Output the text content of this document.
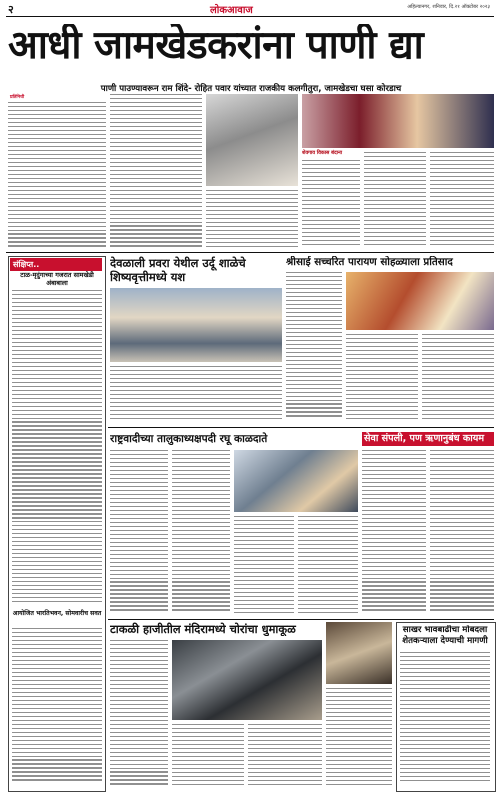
२	लोकआवाज	अहिल्यानगर, शनिवार, दि.२१ ऑक्टोबर २०२३
आधी जामखेडकरांना पाणी द्या
पाणी पाउण्यावरून राम शिंदे- रोहित पवार यांच्यात राजकीय कलगीतुरा, जामखेडचा घसा कोरडाच
प्रतिनिधी
शेवगाव विकास बंदाना
संक्षिप्त..
टाळ-मृदुंगाच्या गजरात सामखेडी अंबाबाला
आयोजित भारतिभवन, सोमवारीच सवत
देवळाली प्रवरा येथील उर्दू शाळेचे शिष्यवृत्तीमध्ये यश
श्रीसाई सच्चरित पारायण सोहळ्याला प्रतिसाद
राष्ट्रवादीच्या तालुकाध्यक्षपदी रघू काळदाते	सेवा संपली, पण ऋणानुबंध कायम
टाकळी हाजीतील मंदिरामध्ये चोरांचा धुमाकूळ	साखर भावबाढीचा मोबदला शेतकऱ्याला देण्याची मागणी
